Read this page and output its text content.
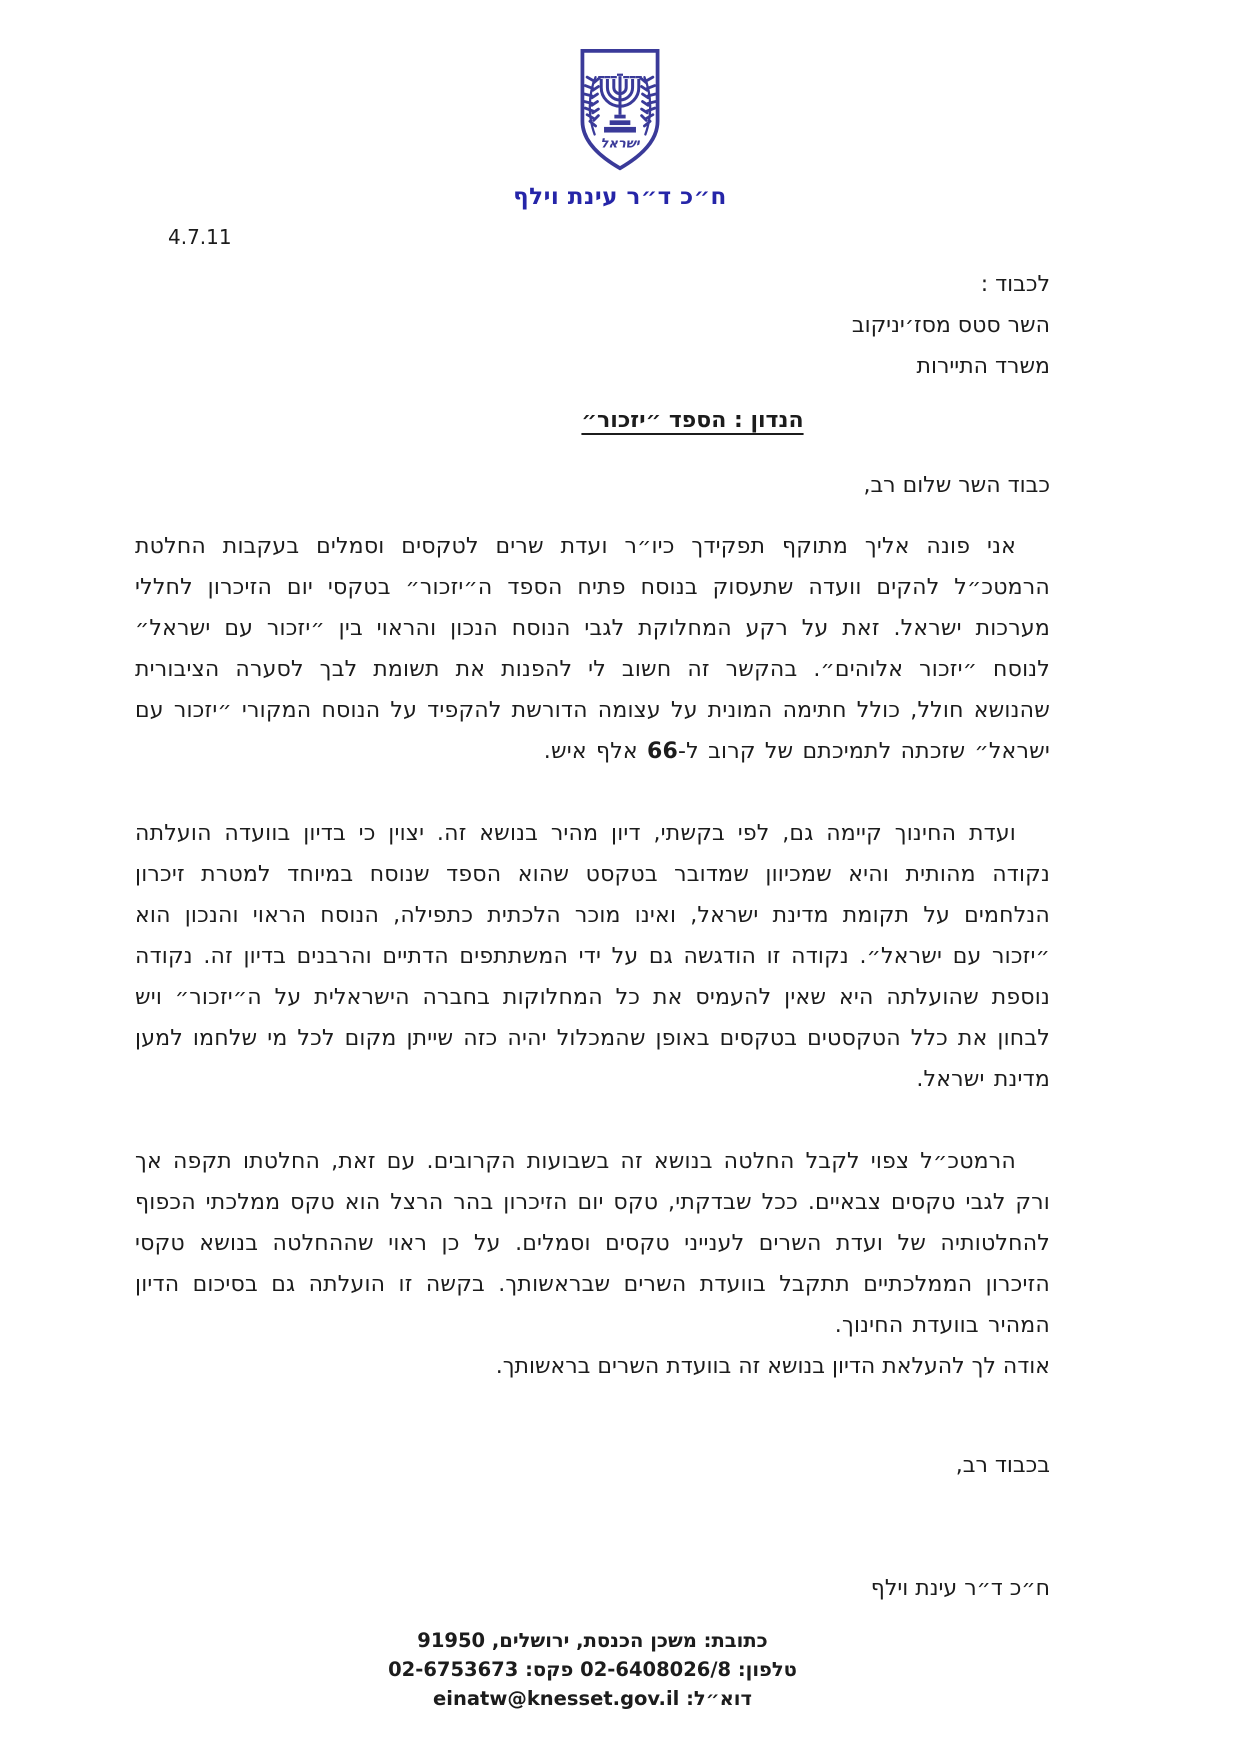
ישראל
ח״כ ד״ר עינת וילף
4.7.11
לכבוד :
השר סטס מסז׳יניקוב
משרד התיירות
הנדון : הספד ״יזכור״
כבוד השר שלום רב,

אני פונה אליך מתוקף תפקידך כיו״ר ועדת שרים לטקסים וסמלים בעקבות החלטת הרמטכ״ל להקים וועדה שתעסוק בנוסח פתיח הספד ה״יזכור״ בטקסי יום הזיכרון לחללי מערכות ישראל. זאת על רקע המחלוקת לגבי הנוסח הנכון והראוי בין ״יזכור עם ישראל״ לנוסח ״יזכור אלוהים״. בהקשר זה חשוב לי להפנות את תשומת לבך לסערה הציבורית שהנושא חולל, כולל חתימה המונית על עצומה הדורשת להקפיד על הנוסח המקורי ״יזכור עם ישראל״ שזכתה לתמיכתם של קרוב ל-66 אלף איש.

ועדת החינוך קיימה גם, לפי בקשתי, דיון מהיר בנושא זה. יצוין כי בדיון בוועדה הועלתה נקודה מהותית והיא שמכיוון שמדובר בטקסט שהוא הספד שנוסח במיוחד למטרת זיכרון הנלחמים על תקומת מדינת ישראל, ואינו מוכר הלכתית כתפילה, הנוסח הראוי והנכון הוא ״יזכור עם ישראל״. נקודה זו הודגשה גם על ידי המשתתפים הדתיים והרבנים בדיון זה. נקודה נוספת שהועלתה היא שאין להעמיס את כל המחלוקות בחברה הישראלית על ה״יזכור״ ויש לבחון את כלל הטקסטים בטקסים באופן שהמכלול יהיה כזה שייתן מקום לכל מי שלחמו למען מדינת ישראל.

הרמטכ״ל צפוי לקבל החלטה בנושא זה בשבועות הקרובים. עם זאת, החלטתו תקפה אך ורק לגבי טקסים צבאיים. ככל שבדקתי, טקס יום הזיכרון בהר הרצל הוא טקס ממלכתי הכפוף להחלטותיה של ועדת השרים לענייני טקסים וסמלים. על כן ראוי שההחלטה בנושא טקסי הזיכרון הממלכתיים תתקבל בוועדת השרים שבראשותך. בקשה זו הועלתה גם בסיכום הדיון המהיר בוועדת החינוך.

אודה לך להעלאת הדיון בנושא זה בוועדת השרים בראשותך.

בכבוד רב,
ח״כ ד״ר עינת וילף
כתובת: משכן הכנסת, ירושלים, 91950
טלפון: 02-6408026/8 פקס: 02-6753673
דוא״ל: einatw@knesset.gov.il
